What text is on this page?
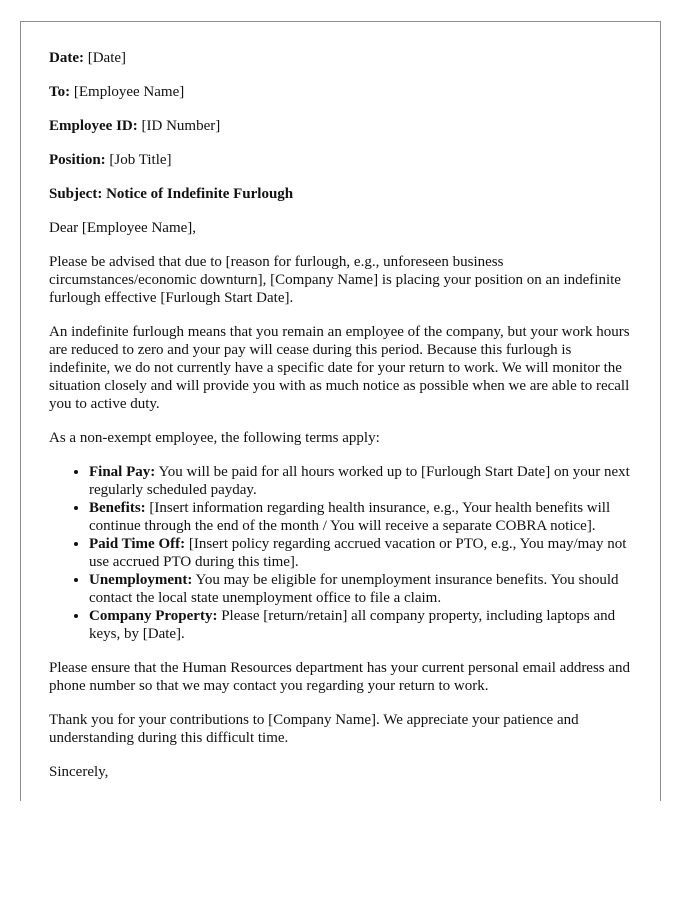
Date: [Date]
To: [Employee Name]
Employee ID: [ID Number]
Position: [Job Title]
Subject: Notice of Indefinite Furlough

Dear [Employee Name],

Please be advised that due to [reason for furlough, e.g., unforeseen business circumstances/economic downturn], [Company Name] is placing your position on an indefinite furlough effective [Furlough Start Date].

An indefinite furlough means that you remain an employee of the company, but your work hours are reduced to zero and your pay will cease during this period. Because this furlough is indefinite, we do not currently have a specific date for your return to work. We will monitor the situation closely and will provide you with as much notice as possible when we are able to recall you to active duty.

As a non-exempt employee, the following terms apply:

• Final Pay: You will be paid for all hours worked up to [Furlough Start Date] on your next regularly scheduled payday.
• Benefits: [Insert information regarding health insurance, e.g., Your health benefits will continue through the end of the month / You will receive a separate COBRA notice].
• Paid Time Off: [Insert policy regarding accrued vacation or PTO, e.g., You may/may not use accrued PTO during this time].
• Unemployment: You may be eligible for unemployment insurance benefits. You should contact the local state unemployment office to file a claim.
• Company Property: Please [return/retain] all company property, including laptops and keys, by [Date].

Please ensure that the Human Resources department has your current personal email address and phone number so that we may contact you regarding your return to work.

Thank you for your contributions to [Company Name]. We appreciate your patience and understanding during this difficult time.

Sincerely,
